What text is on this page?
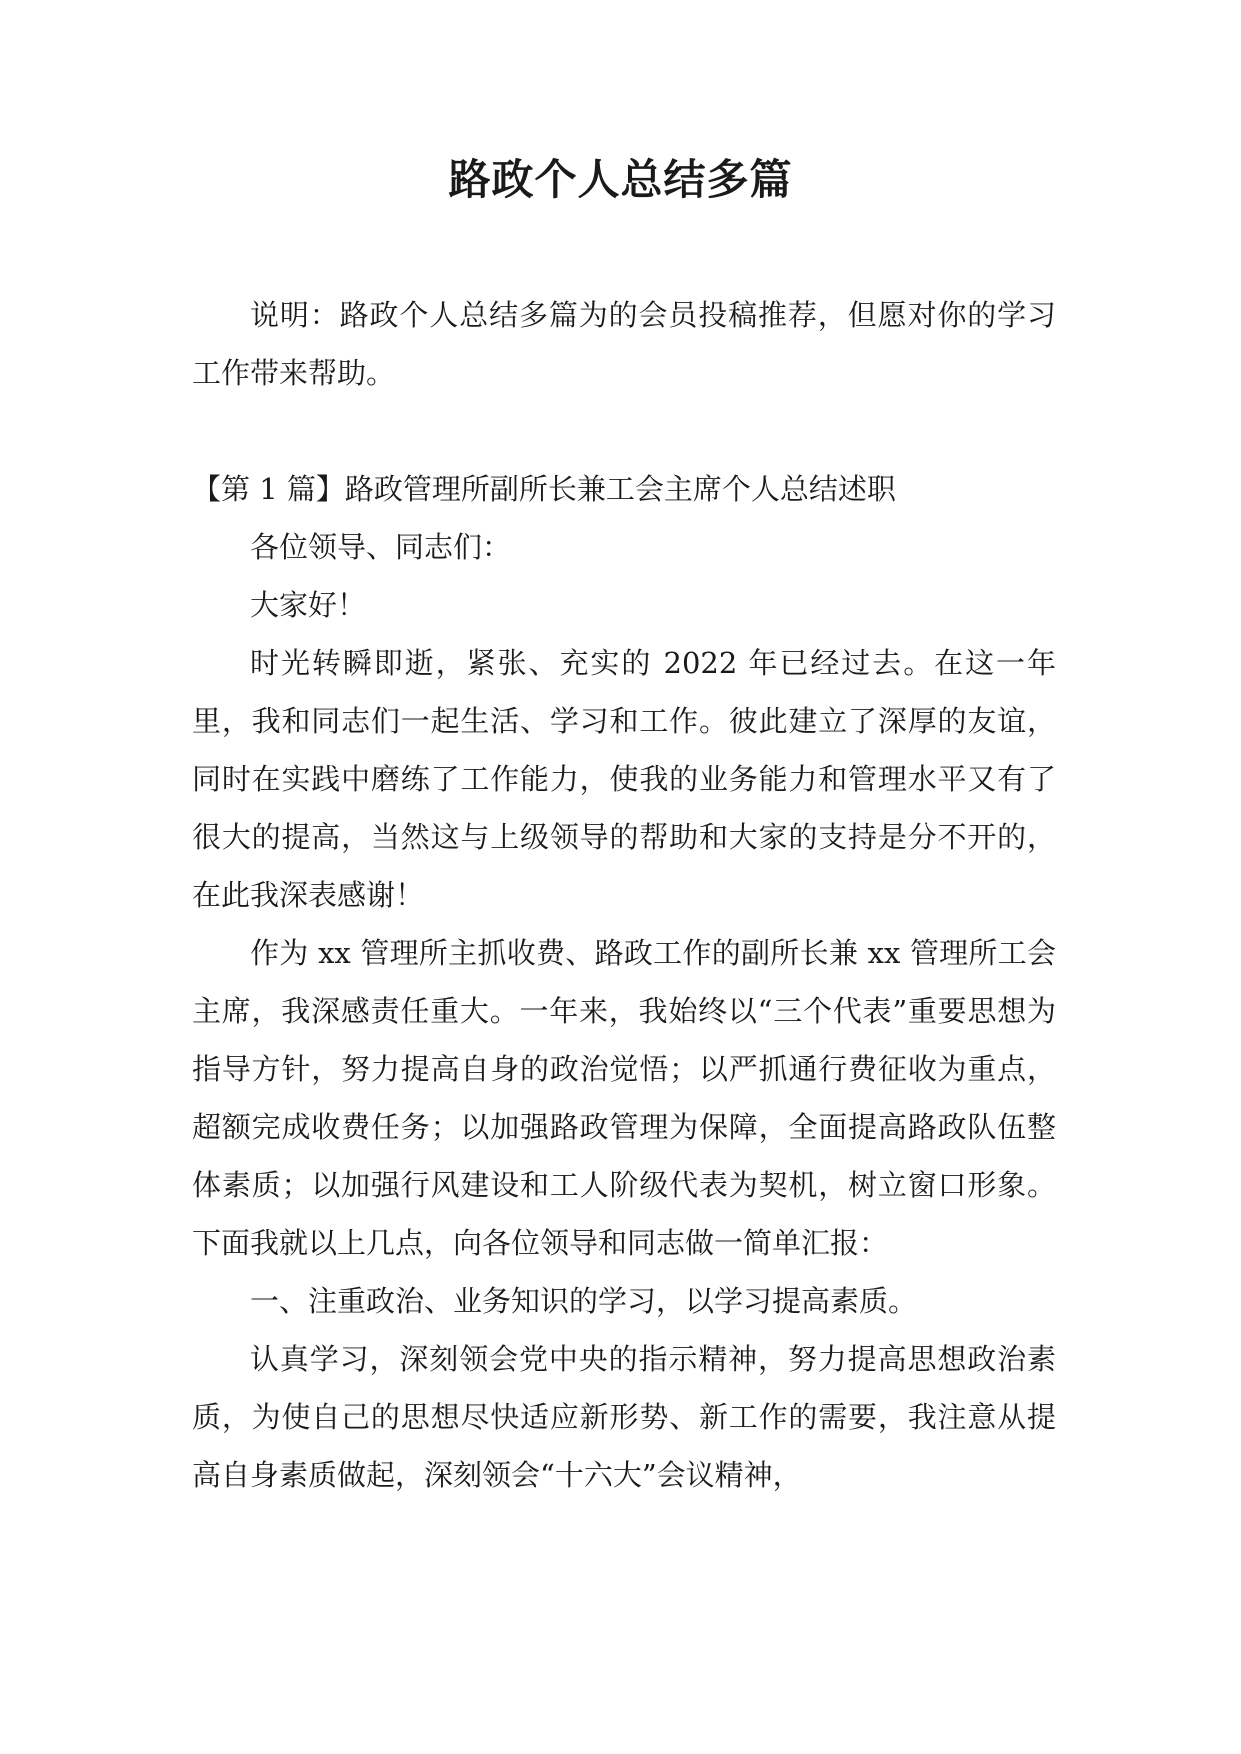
路政个人总结多篇

说明：路政个人总结多篇为的会员投稿推荐，但愿对你的学习工作带来帮助。

【第 1 篇】路政管理所副所长兼工会主席个人总结述职

各位领导、同志们：

大家好！

时光转瞬即逝，紧张、充实的 2022 年已经过去。在这一年里，我和同志们一起生活、学习和工作。彼此建立了深厚的友谊，同时在实践中磨练了工作能力，使我的业务能力和管理水平又有了很大的提高，当然这与上级领导的帮助和大家的支持是分不开的，在此我深表感谢！

作为 xx 管理所主抓收费、路政工作的副所长兼 xx 管理所工会主席，我深感责任重大。一年来，我始终以“三个代表”重要思想为指导方针，努力提高自身的政治觉悟；以严抓通行费征收为重点，超额完成收费任务；以加强路政管理为保障，全面提高路政队伍整体素质；以加强行风建设和工人阶级代表为契机，树立窗口形象。下面我就以上几点，向各位领导和同志做一简单汇报：

一、注重政治、业务知识的学习，以学习提高素质。

认真学习，深刻领会党中央的指示精神，努力提高思想政治素质，为使自己的思想尽快适应新形势、新工作的需要，我注意从提高自身素质做起，深刻领会“十六大”会议精神，
